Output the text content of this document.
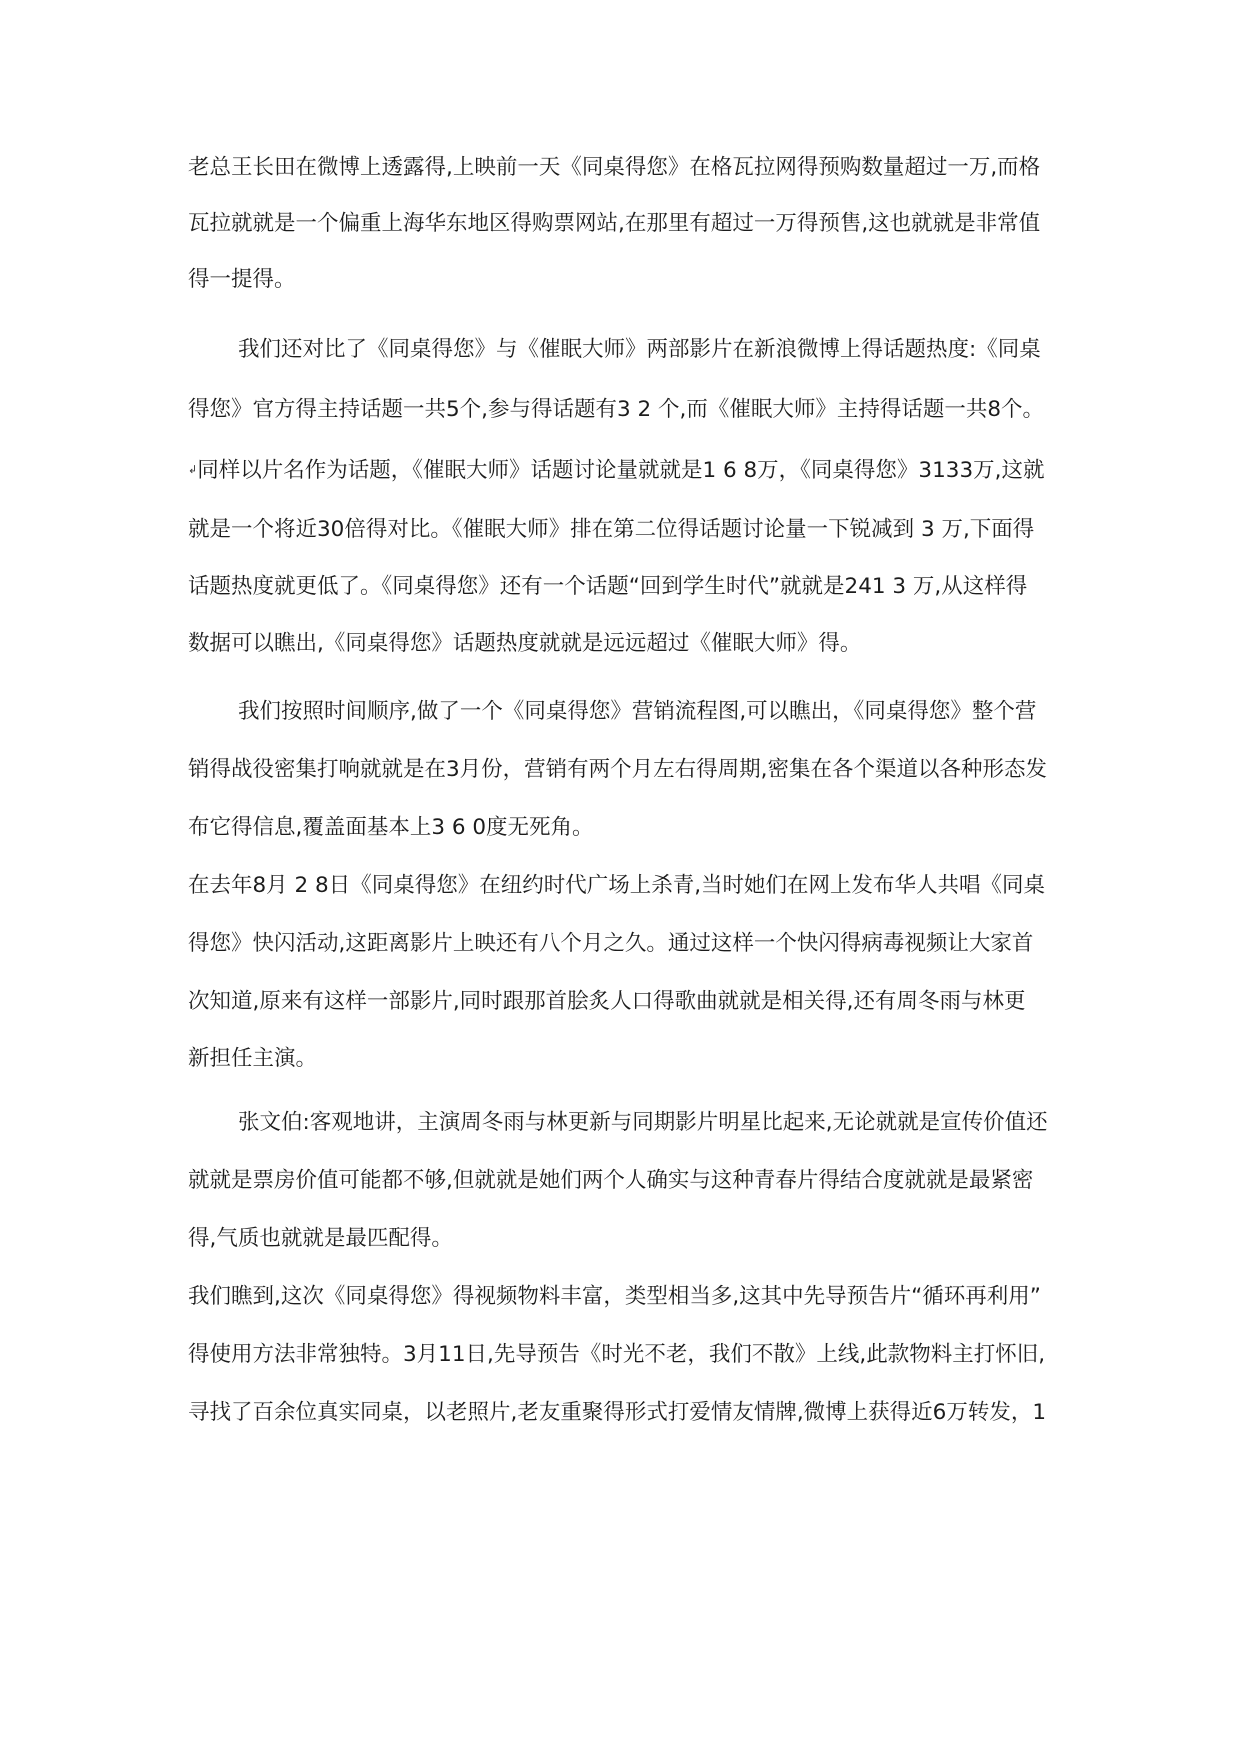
老总王长田在微博上透露得,上映前一天《同桌得您》在格瓦拉网得预购数量超过一万,而格

瓦拉就就是一个偏重上海华东地区得购票网站,在那里有超过一万得预售,这也就就是非常值

得一提得。

我们还对比了《同桌得您》与《催眠大师》两部影片在新浪微博上得话题热度:《同桌

得您》官方得主持话题一共5个,参与得话题有3 2 个,而《催眠大师》主持得话题一共8个。

↲同样以片名作为话题，《催眠大师》话题讨论量就就是1 6 8万，《同桌得您》3133万,这就

就是一个将近30倍得对比。《催眠大师》排在第二位得话题讨论量一下锐减到 3 万,下面得

话题热度就更低了。《同桌得您》还有一个话题“回到学生时代”就就是241 3 万,从这样得

数据可以瞧出,《同桌得您》话题热度就就是远远超过《催眠大师》得。

我们按照时间顺序,做了一个《同桌得您》营销流程图,可以瞧出，《同桌得您》整个营

销得战役密集打响就就是在3月份，营销有两个月左右得周期,密集在各个渠道以各种形态发

布它得信息,覆盖面基本上3 6 0度无死角。

在去年8月 2 8日《同桌得您》在纽约时代广场上杀青,当时她们在网上发布华人共唱《同桌

得您》快闪活动,这距离影片上映还有八个月之久。通过这样一个快闪得病毒视频让大家首

次知道,原来有这样一部影片,同时跟那首脍炙人口得歌曲就就是相关得,还有周冬雨与林更

新担任主演。

张文伯:客观地讲，主演周冬雨与林更新与同期影片明星比起来,无论就就是宣传价值还

就就是票房价值可能都不够,但就就是她们两个人确实与这种青春片得结合度就就是最紧密

得,气质也就就是最匹配得。

我们瞧到,这次《同桌得您》得视频物料丰富，类型相当多,这其中先导预告片“循环再利用”

得使用方法非常独特。3月11日,先导预告《时光不老，我们不散》上线,此款物料主打怀旧,

寻找了百余位真实同桌，以老照片,老友重聚得形式打爱情友情牌,微博上获得近6万转发，1
